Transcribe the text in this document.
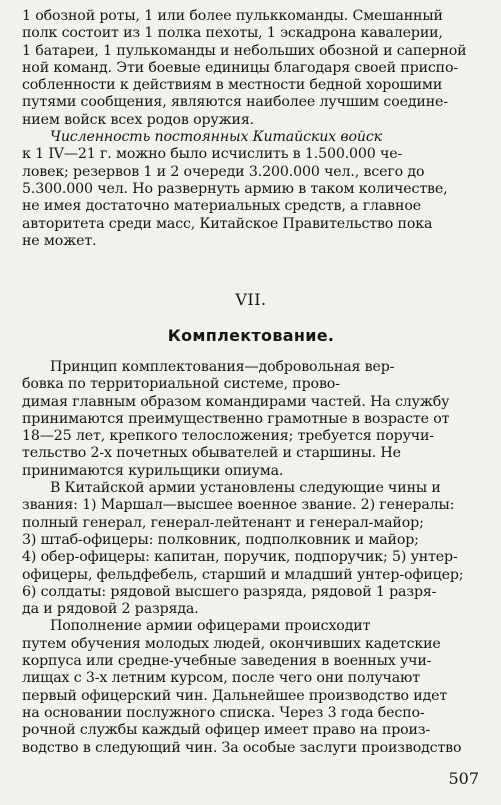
1 обозной роты, 1 или более пульккоманды. Смешанный
полк состоит из 1 полка пехоты, 1 эскадрона кавалерии,
1 батареи, 1 пулькоманды и небольших обозной и саперной
ной команд. Эти боевые единицы благодаря своей приспо-
собленности к действиям в местности бедной хорошими
путями сообщения, являются наиболее лучшим соедине-
нием войск всех родов оружия.
Численность постоянных Китайских войск
к 1 IV—21 г. можно было исчислить в 1.500.000 че-
ловек; резервов 1 и 2 очереди 3.200.000 чел., всего до
5.300.000 чел. Но развернуть армию в таком количестве,
не имея достаточно материальных средств, а главное
авторитета среди масс, Китайское Правительство пока
не может.
VII.
Комплектование.
Принцип комплектования—добровольная вер-
бовка по территориальной системе, прово-
димая главным образом командирами частей. На службу
принимаются преимущественно грамотные в возрасте от
18—25 лет, крепкого телосложения; требуется поручи-
тельство 2-х почетных обывателей и старшины. Не
принимаются курильщики опиума.
В Китайской армии установлены следующие чины и
звания: 1) Маршал—высшее военное звание. 2) генералы:
полный генерал, генерал-лейтенант и генерал-майор;
3) штаб-офицеры: полковник, подполковник и майор;
4) обер-офицеры: капитан, поручик, подпоручик; 5) унтер-
офицеры, фельдфебель, старший и младший унтер-офицер;
6) солдаты: рядовой высшего разряда, рядовой 1 разря-
да и рядовой 2 разряда.
Пополнение армии офицерами происходит
путем обучения молодых людей, окончивших кадетские
корпуса или средне-учебные заведения в военных учи-
лищах с 3-х летним курсом, после чего они получают
первый офицерский чин. Дальнейшее производство идет
на основании послужного списка. Через 3 года беспо-
рочной службы каждый офицер имеет право на произ-
водство в следующий чин. За особые заслуги производство
507
